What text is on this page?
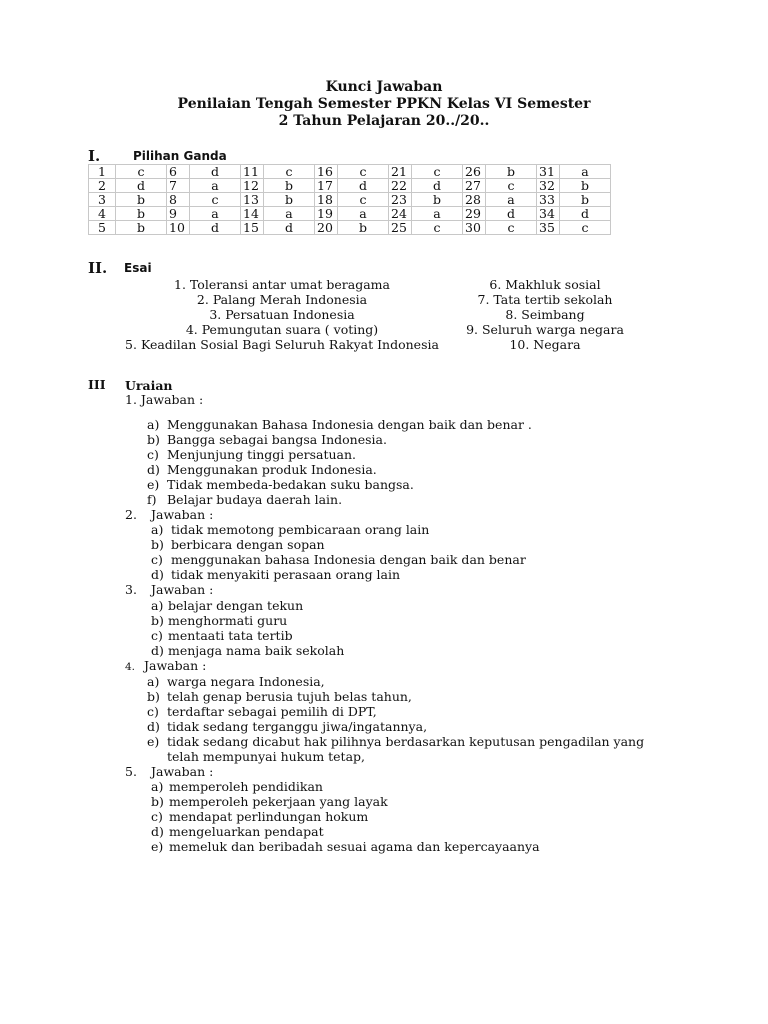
Kunci Jawaban
Penilaian Tengah Semester PPKN Kelas VI Semester
2 Tahun Pelajaran 20../20..
I.	Pilihan Ganda
1	c	6	d	11	c	16	c	21	c	26	b	31	a
2	d	7	a	12	b	17	d	22	d	27	c	32	b
3	b	8	c	13	b	18	c	23	b	28	a	33	b
4	b	9	a	14	a	19	a	24	a	29	d	34	d
5	b	10	d	15	d	20	b	25	c	30	c	35	c
II. Esai
1. Toleransi antar umat beragama
2. Palang Merah Indonesia
3. Persatuan Indonesia
4. Pemungutan suara ( voting)
5. Keadilan Sosial Bagi Seluruh Rakyat Indonesia
6. Makhluk sosial
7. Tata tertib sekolah
8. Seimbang
9. Seluruh warga negara
10. Negara
III Uraian
1. Jawaban :
a) Menggunakan Bahasa Indonesia dengan baik dan benar .
b) Bangga sebagai bangsa Indonesia.
c) Menjunjung tinggi persatuan.
d) Menggunakan produk Indonesia.
e) Tidak membeda-bedakan suku bangsa.
f) Belajar budaya daerah lain.
2. Jawaban :
a) tidak memotong pembicaraan orang lain
b) berbicara dengan sopan
c) menggunakan bahasa Indonesia dengan baik dan benar
d) tidak menyakiti perasaan orang lain
3. Jawaban :
a) belajar dengan tekun
b) menghormati guru
c) mentaati tata tertib
d) menjaga nama baik sekolah
4. Jawaban :
a) warga negara Indonesia,
b) telah genap berusia tujuh belas tahun,
c) terdaftar sebagai pemilih di DPT,
d) tidak sedang terganggu jiwa/ingatannya,
e) tidak sedang dicabut hak pilihnya berdasarkan keputusan pengadilan yang
telah mempunyai hukum tetap,
5. Jawaban :
a) memperoleh pendidikan
b) memperoleh pekerjaan yang layak
c) mendapat perlindungan hokum
d) mengeluarkan pendapat
e) memeluk dan beribadah sesuai agama dan kepercayaanya
